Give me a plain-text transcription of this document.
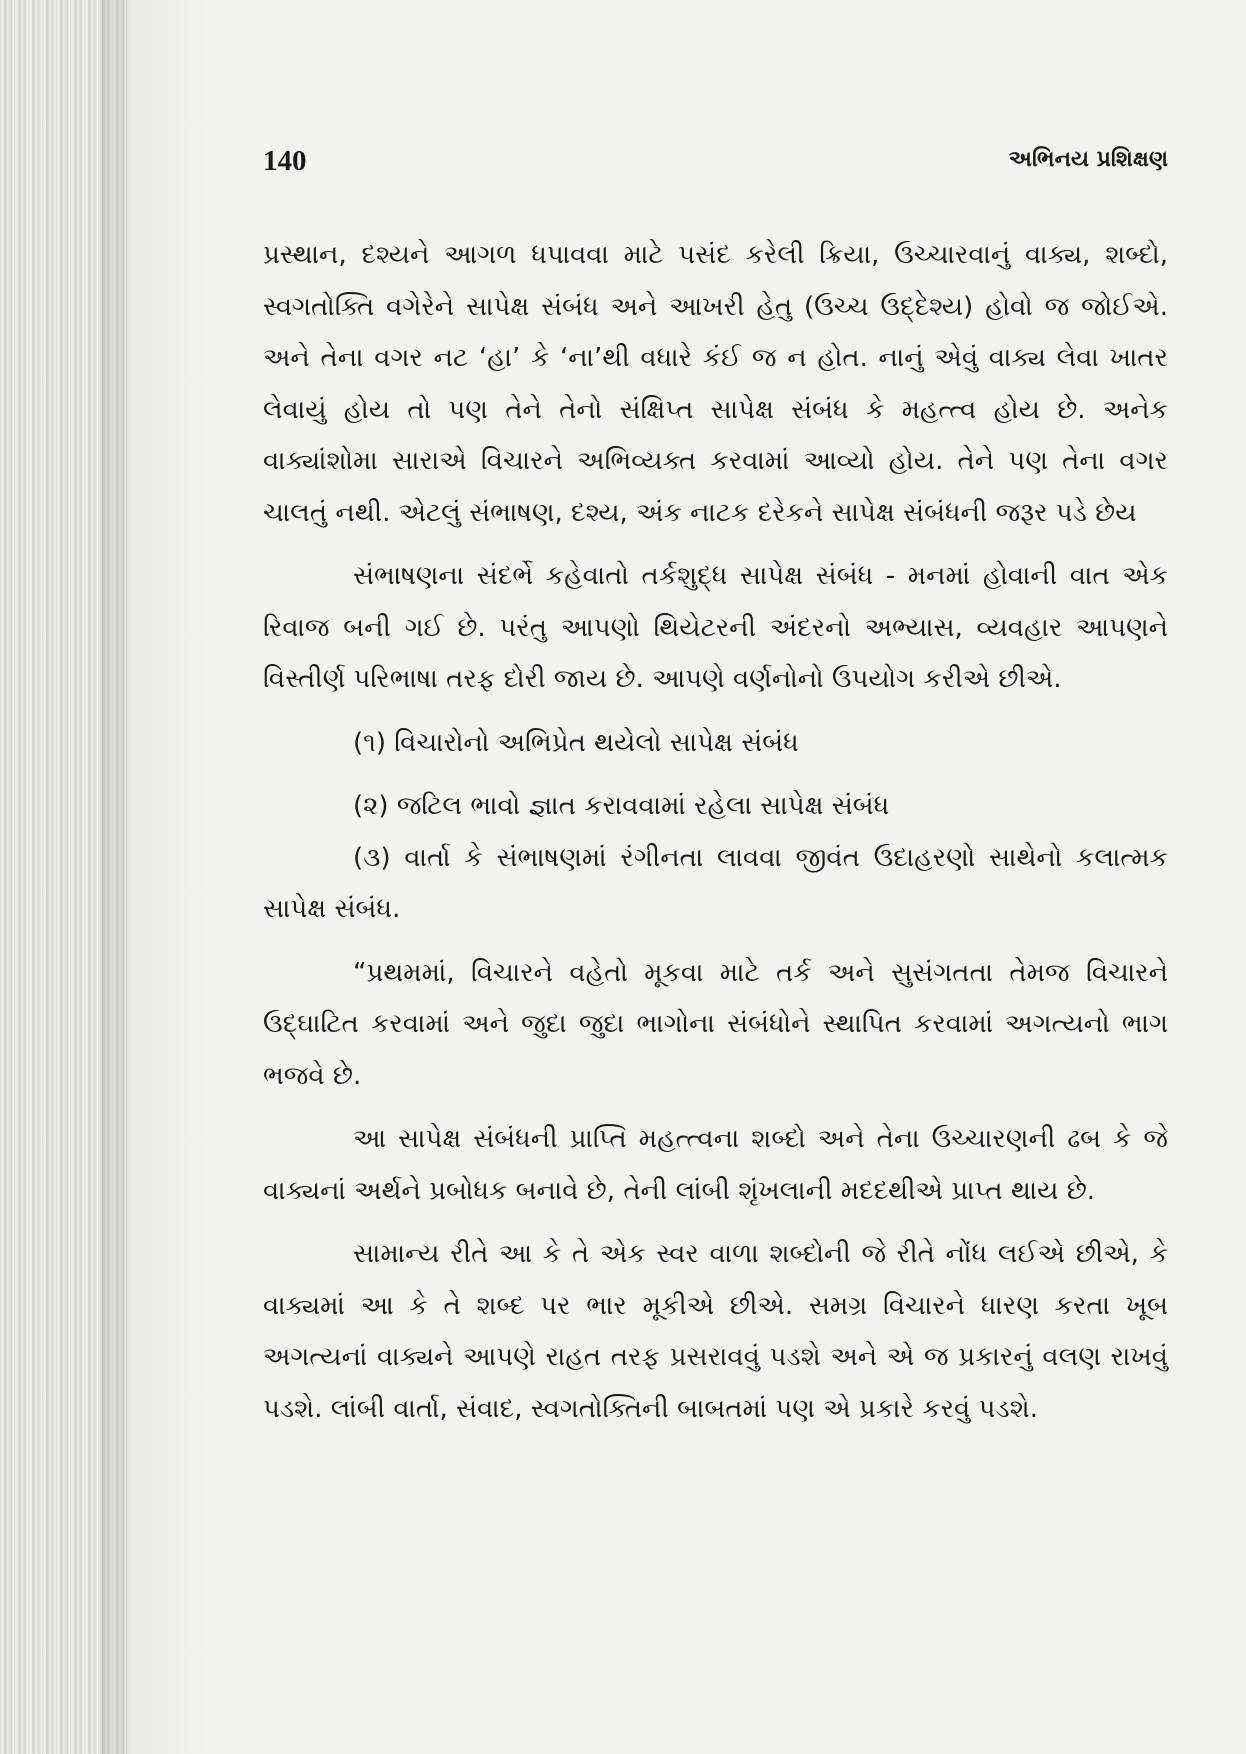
140	અભિનય પ્રશિક્ષણ

પ્રસ્થાન, દશ્યને આગળ ધપાવવા માટે પસંદ કરેલી ક્રિયા, ઉચ્ચારવાનું વાક્ય, શબ્દો, સ્વગતોક્તિ વગેરેને સાપેક્ષ સંબંધ અને આખરી હેતુ (ઉચ્ચ ઉદ્દેશ્ય) હોવો જ જોઈએ. અને તેના વગર નટ ‘હા’ કે ‘ના’થી વધારે કંઈ જ ન હોત. નાનું એવું વાક્ય લેવા ખાતર લેવાયું હોય તો પણ તેને તેનો સંક્ષિપ્ત સાપેક્ષ સંબંધ કે મહત્ત્વ હોય છે. અનેક વાક્યાંશોમા સારાએ વિચારને અભિવ્યક્ત કરવામાં આવ્યો હોય. તેને પણ તેના વગર ચાલતું નથી. એટલું સંભાષણ, દશ્ય, અંક નાટક દરેકને સાપેક્ષ સંબંધની જરૂર પડે છેય

સંભાષણના સંદર્ભે કહેવાતો તર્કશુદ્ધ સાપેક્ષ સંબંધ - મનમાં હોવાની વાત એક રિવાજ બની ગઈ છે. પરંતુ આપણો થિયેટરની અંદરનો અભ્યાસ, વ્યવહાર આપણને વિસ્તીર્ણ પરિભાષા તરફ દોરી જાય છે. આપણે વર્ણનોનો ઉપયોગ કરીએ છીએ.

(૧) વિચારોનો અભિપ્રેત થયેલો સાપેક્ષ સંબંધ

(૨) જટિલ ભાવો જ્ઞાત કરાવવામાં રહેલા સાપેક્ષ સંબંધ

(૩) વાર્તા કે સંભાષણમાં રંગીનતા લાવવા જીવંત ઉદાહરણો સાથેનો કલાત્મક સાપેક્ષ સંબંધ.

“પ્રથમમાં, વિચારને વહેતો મૂકવા માટે તર્ક અને સુસંગતતા તેમજ વિચારને ઉદ્ઘાટિત કરવામાં અને જુદા જુદા ભાગોના સંબંધોને સ્થાપિત કરવામાં અગત્યનો ભાગ ભજવે છે.

આ સાપેક્ષ સંબંધની પ્રાપ્તિ મહત્ત્વના શબ્દો અને તેના ઉચ્ચારણની ઢબ કે જે વાક્યનાં અર્થને પ્રબોધક બનાવે છે, તેની લાંબી શૃંખલાની મદદથીએ પ્રાપ્ત થાય છે.

સામાન્ય રીતે આ કે તે એક સ્વર વાળા શબ્દોની જે રીતે નોંધ લઈએ છીએ, કે વાક્યમાં આ કે તે શબ્દ પર ભાર મૂકીએ છીએ. સમગ્ર વિચારને ધારણ કરતા ખૂબ અગત્યનાં વાક્યને આપણે રાહત તરફ પ્રસરાવવું પડશે અને એ જ પ્રકારનું વલણ રાખવું પડશે. લાંબી વાર્તા, સંવાદ, સ્વગતોક્તિની બાબતમાં પણ એ પ્રકારે કરવું પડશે.
